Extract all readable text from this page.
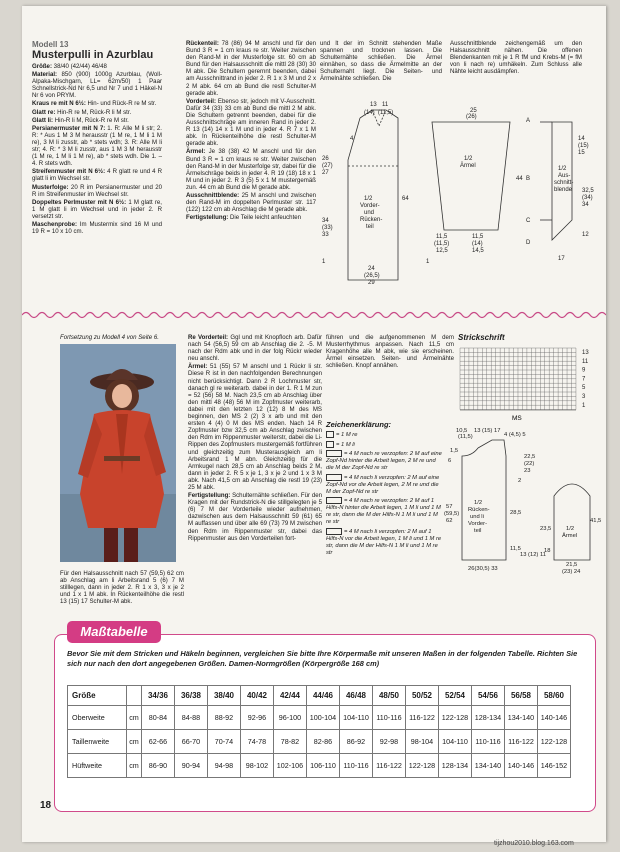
Modell 13
Musterpulli in Azurblau

Größe: 38/40 (42/44) 46/48

Material: 850 (900) 1000g Azurblau, (Woll-Alpaka-Mischgarn, LL= 62m/50) 1 Paar Schnellstrick-Nd Nr 6,5 und Nr 7 und 1 Häkel-N Nr 6 von PRYM.

Kraus re mit N 6½: Hin- und Rück-R re M str.

Glatt re: Hin-R re M, Rück-R li M str.

Glatt li: Hin-R li M, Rück-R re M str.

Persianermuster mit N 7: 1. R: Alle M li str; 2. R: * Aus 1 M 3 M herausstr (1 M re, 1 M li 1 M re), 3 M li zusstr, ab * stets wdh; 3. R: Alle M li str; 4. R: * 3 M li zusstr, aus 1 M 3 M herausstr (1 M re, 1 M li 1 M re), ab * stets wdh. Die 1. – 4. R stets wdh.

Streifenmuster mit N 6½: 4 R glatt re und 4 R glatt li im Wechsel str.

Musterfolge: 20 R im Persianermuster und 20 R im Streifenmuster im Wechsel str.

Doppeltes Perlmuster mit N 6½: 1 M glatt re, 1 M glatt li im Wechsel und in jeder 2. R versetzt str.

Maschenprobe: Im Mustermix sind 16 M und 19 R = 10 x 10 cm.

Rückenteil: 78 (86) 94 M anschl und für den Bund 3 R = 1 cm kraus re str. Weiter zwischen den Rand-M in der Musterfolge str. 60 cm ab Bund für den Halsausschnitt die mittl 28 (30) 30 M abk. Die Schultern gerernnt beenden, dabei am Ausschnittrand in jeder 2. R 1 x 3 M und 2 x 2 M abk. 64 cm ab Bund die restl Schulter-M gerade abk.

Vorderteil: Ebenso str, jedoch mit V-Ausschnitt. Dafür 34 (33) 33 cm ab Bund die mittl 2 M abk. Die Schultern getrennt beenden, dabei für die Ausschnittschräge am inneren Rand in jeder 2. R 13 (14) 14 x 1 M und in jeder 4. R 7 x 1 M abk. In Rückenteilhöhe die restl Schulter-M gerade abk.

Ärmel: Je 38 (38) 42 M anschl und für den Bund 3 R = 1 cm kraus re str. Weiter zwischen den Rand-M in der Musterfolge str, dabei für die Ärmelschräge beids in jeder 4. R 19 (18) 18 x 1 M und in jeder 2. R 3 (5) 5 x 1 M mustergemäß zun. 44 cm ab Bund die M gerade abk.

Ausschnittblende: 25 M anschl und zwischen den Rand-M im doppelten Perlmuster str. 117 (122) 122 cm ab Anschlag die M gerade abk.

Fertigstellung: Die Teile leicht anfeuchten

und lt der im Schnitt stehenden Maße spannen und trocknen lassen. Die Schulternähte schließen. Die Ärmel einnähen, so dass die Ärmelmitte an der Schulternaht liegt. Die Seiten- und Ärmelnähte schließen. Die

Ausschnittblende zeichengemäß um den Halsausschnitt nähen. Die offenen Blendenkanten mit je 1 R fM und Krebs-M (= fM von li nach re) umhäkeln. Zum Schluss alle Nähte leicht ausdämpfen.

1/2 Vorder-und Rücken-teil
1/2 Ärmel	1/2 Aus-schnitt-blende
13
(14)
11
(11,5)
4
26
(27)
27
34
(33)
33
64
24
(26,5)
29
1
25
(26)
44
11,5
(11,5)
12,5
11,5
(14)
14,5
1
14
(15)
15
32,5
(34)
34
12
17
A
B
C
D
Fortsetzung zu Modell 4 von Seite 6.
Für den Halsausschnitt nach 57 (59,5) 62 cm ab Anschlag am li Arbeitsrand 5 (6) 7 M stilllegen, dann in jeder 2. R 1 x 3, 3 x je 2 und 1 x 1 M abk. In Rückenteilhöhe die restl 13 (15) 17 Schulter-M abk.

Re Vorderteil: Ggl und mit Knopfloch arb. Dafür nach 54 (56,5) 59 cm ab Anschlag die 2. -5. M nach der Rdm abk und in der folg Rückr wieder neu anschl.

Ärmel: 51 (55) 57 M anschl und 1 Rückr li str. Diese R ist in den nachfolgenden Berechnungen nicht berücksichtigt. Dann 2 R Lochmuster str, danach gl re weiterarb. dabei in der 1. R 1 M zun = 52 (56) 58 M. Nach 23,5 cm ab Anschlag über den mittl 48 (48) 56 M im Zopfmuster weiterarb, dabei mit den letzten 12 (12) 8 M des MS beginnen, den MS 2 (2) 3 x arb und mit den ersten 4 (4) 0 M des MS enden. Nach 14 R Zopfmuster bzw 32,5 cm ab Anschlag zwischen den Rdm im Rippenmuster weiterstr, dabei die Li-Rippen des Zopfmusters mustergemäß fortführen und gleichzeitig zum Musterausgleich am li Arbeitsrand 1 M abn. Gleichzeitig für die Armkugel nach 28,5 cm ab Anschlag beids 2 M, dann in jeder 2. R 5 x je 1, 3 x je 2 und 1 x 3 M abk. Nach 41,5 cm ab Anschlag die restl 19 (23) 25 M abk.

Fertigstellung: Schulternähte schließen. Für den Kragen mit der Rundstrick-N die stillgelegten je 5 (6) 7 M der Vorderteile wieder aufnehmen, dazwischen aus dem Halsausschnitt 59 (61) 65 M auffassen und über alle 69 (73) 79 M zwischen den Rdm im Rippenmuster str, dabei das Rippenmuster aus den Vorderteilen fort-

führen und die aufgenommenen M dem Musterrhythmus anpassen. Nach 11,5 cm Kragenhöhe alle M abk, wie sie erscheinen. Ärmel einsetzen. Seiten- und Ärmelnähte schließen. Knopf annähen.
Strickschrift
13
11
9
7
5
3
1
MS
Zeichenerklärung:
= 1 M re
= 1 M li
= 4 M nach re verzopfen: 2 M auf eine Zopf-Nd hinter die Arbeit legen, 2 M re und die M der Zopf-Nd re str
= 4 M nach li verzopfen: 2 M auf eine Zopf-Nd vor die Arbeit legen, 2 M re und die M der Zopf-Nd re str
= 4 M nach re verzopfen: 2 M auf 1 Hilfs-N hinter die Arbeit legen, 1 M li und 1 M re str, dann die M der Hilfs-N 1 M li und 1 M re str
= 4 M nach li verzopfen: 2 M auf 1 Hilfs-N vor die Arbeit legen, 1 M li und 1 M re str, dann die M der Hilfs-N 1 M li und 1 M re str
1/2 Rücken-und li Vorder-teil	1/2 Ärmel
10,5 13 (15) 17
(11,5)	4 (4,5) 5
1,5
6
22,5
(22)
23
2
57
(59,5)
62
28,5
11,5
13 (12) 11
26(30,5) 33
41,5
23,5
18
21,5
(23) 24
Maßtabelle
Bevor Sie mit dem Stricken und Häkeln beginnen, vergleichen Sie bitte Ihre Körpermaße mit unseren Maßen in der folgenden Tabelle. Richten Sie sich nur nach den dort angegebenen Größen. Damen-Normgrößen (Körpergröße 168 cm)
Größe		34/36	36/38	38/40	40/42	42/44	44/46	46/48	48/50	50/52	52/54	54/56	56/58	58/60
Oberweite	cm	80-84	84-88	88-92	92-96	96-100	100-104	104-110	110-116	116-122	122-128	128-134	134-140	140-146
Taillenweite	cm	62-66	66-70	70-74	74-78	78-82	82-86	86-92	92-98	98-104	104-110	110-116	116-122	122-128
Hüftweite	cm	86-90	90-94	94-98	98-102	102-106	106-110	110-116	116-122	122-128	128-134	134-140	140-146	146-152
18
tijzhou2010.blog.163.com
